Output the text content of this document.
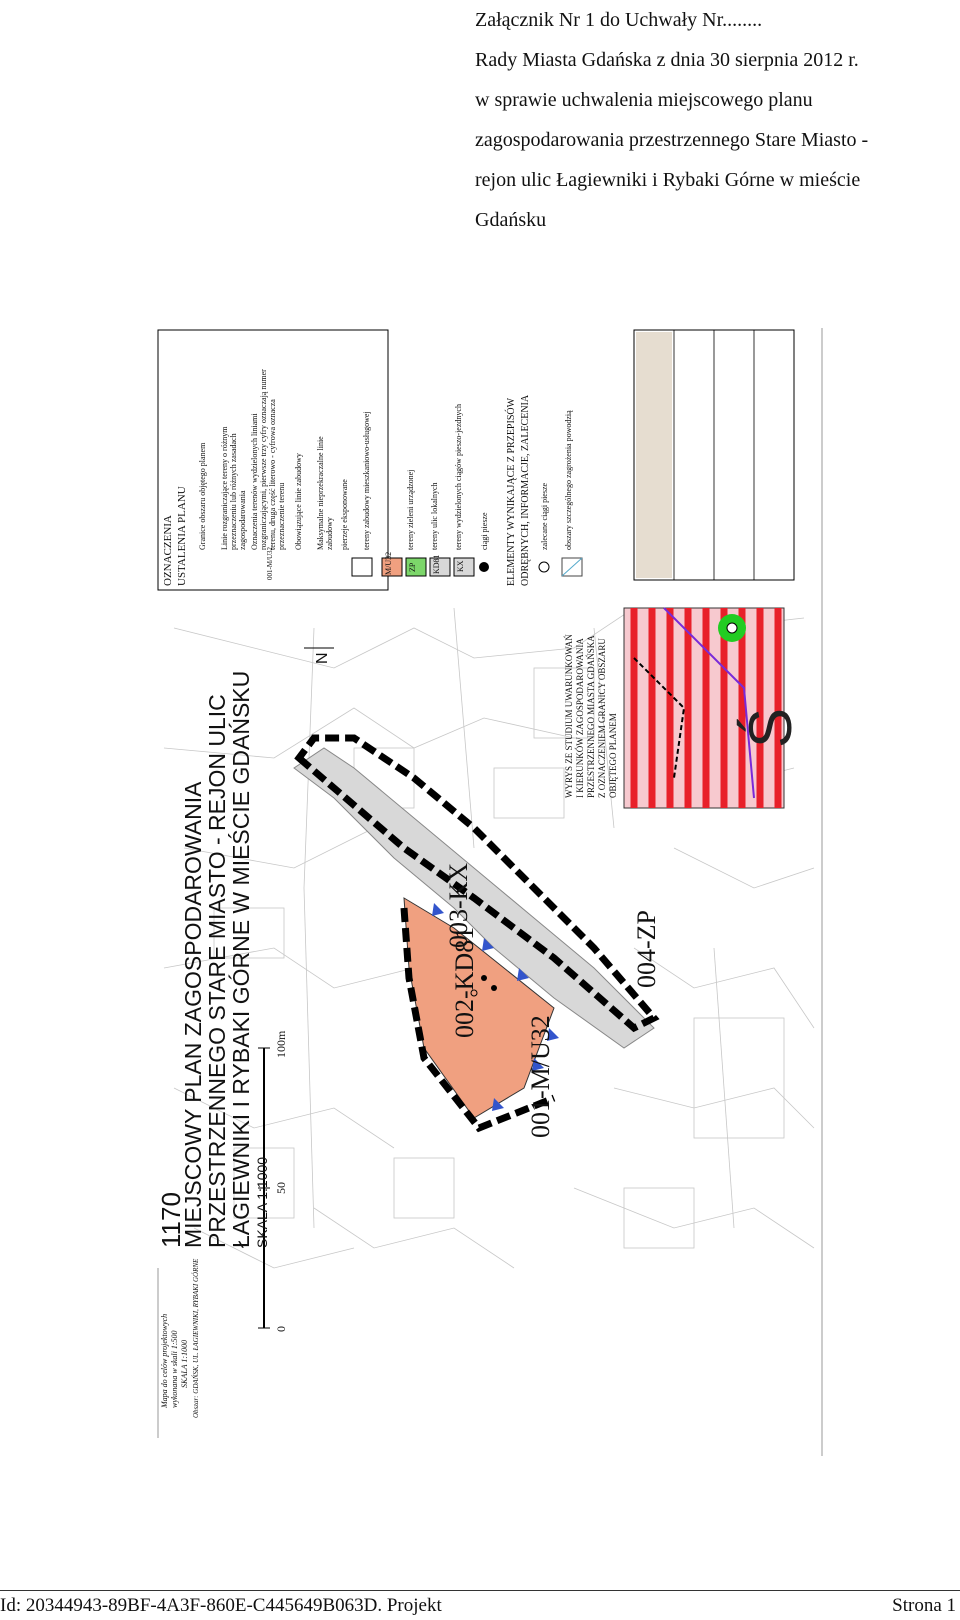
Załącznik Nr 1 do Uchwały Nr........
Rady Miasta Gdańska z dnia 30 sierpnia 2012 r.
w sprawie uchwalenia miejscowego planu
zagospodarowania przestrzennego Stare Miasto -
rejon ulic Łagiewniki i Rybaki Górne w mieście
Gdańsku
1170
MIEJSCOWY PLAN ZAGOSPODAROWANIA
PRZESTRZENNEGO STARE MIASTO - REJON ULIC
ŁAGIEWNIKI I RYBAKI GÓRNE W MIEŚCIE GDAŃSKU SKALA 1:1000
0
50
100m
N
001-M/U32
002-KD81
003-KX
004-ZP
OZNACZENIA USTALENIA PLANU Granice obszaru objętego planem Linie rozgraniczające tereny o różnym przeznaczeniu lub różnych zasadach zagospodarowania Oznaczenia terenów wydzielonych liniami rozgraniczającymi, pierwsze trzy cyfry oznaczają numer terenu, druga część literowo - cyfrowa oznacza przeznaczenie terenu Obowiązujące linie zabudowy Maksymalne nieprzekraczalne linie zabudowy pierzeje eksponowane tereny zabudowy mieszkaniowo-usługowej
M/U32
tereny zieleni urządzonej
ZP
tereny ulic lokalnych
KD81
tereny wydzielonych ciągów pieszo-jezdnych
KX
ciągi piesze ELEMENTY WYNIKAJĄCE Z PRZEPISÓW ODRĘBNYCH, INFORMACJE, ZALECENIA zalecane ciągi piesze obszary szczególnego zagrożenia powodzią
001-M/U32
WYRYS ZE STUDIUM UWARUNKOWAŃ I KIERUNKÓW ZAGOSPODAROWANIA PRZESTRZENNEGO MIASTA GDAŃSKA Z OZNACZENIEM GRANICY OBSZARU OBJĘTEGO PLANEM Ś
Mapa do celów projektowych wykonana w skali 1:500 SKALA 1:1000 Obszar: GDAŃSK, UL. ŁAGIEWNIKI, RYBAKI GÓRNE
Id: 20344943-89BF-4A3F-860E-C445649B063D. Projekt	Strona 1
